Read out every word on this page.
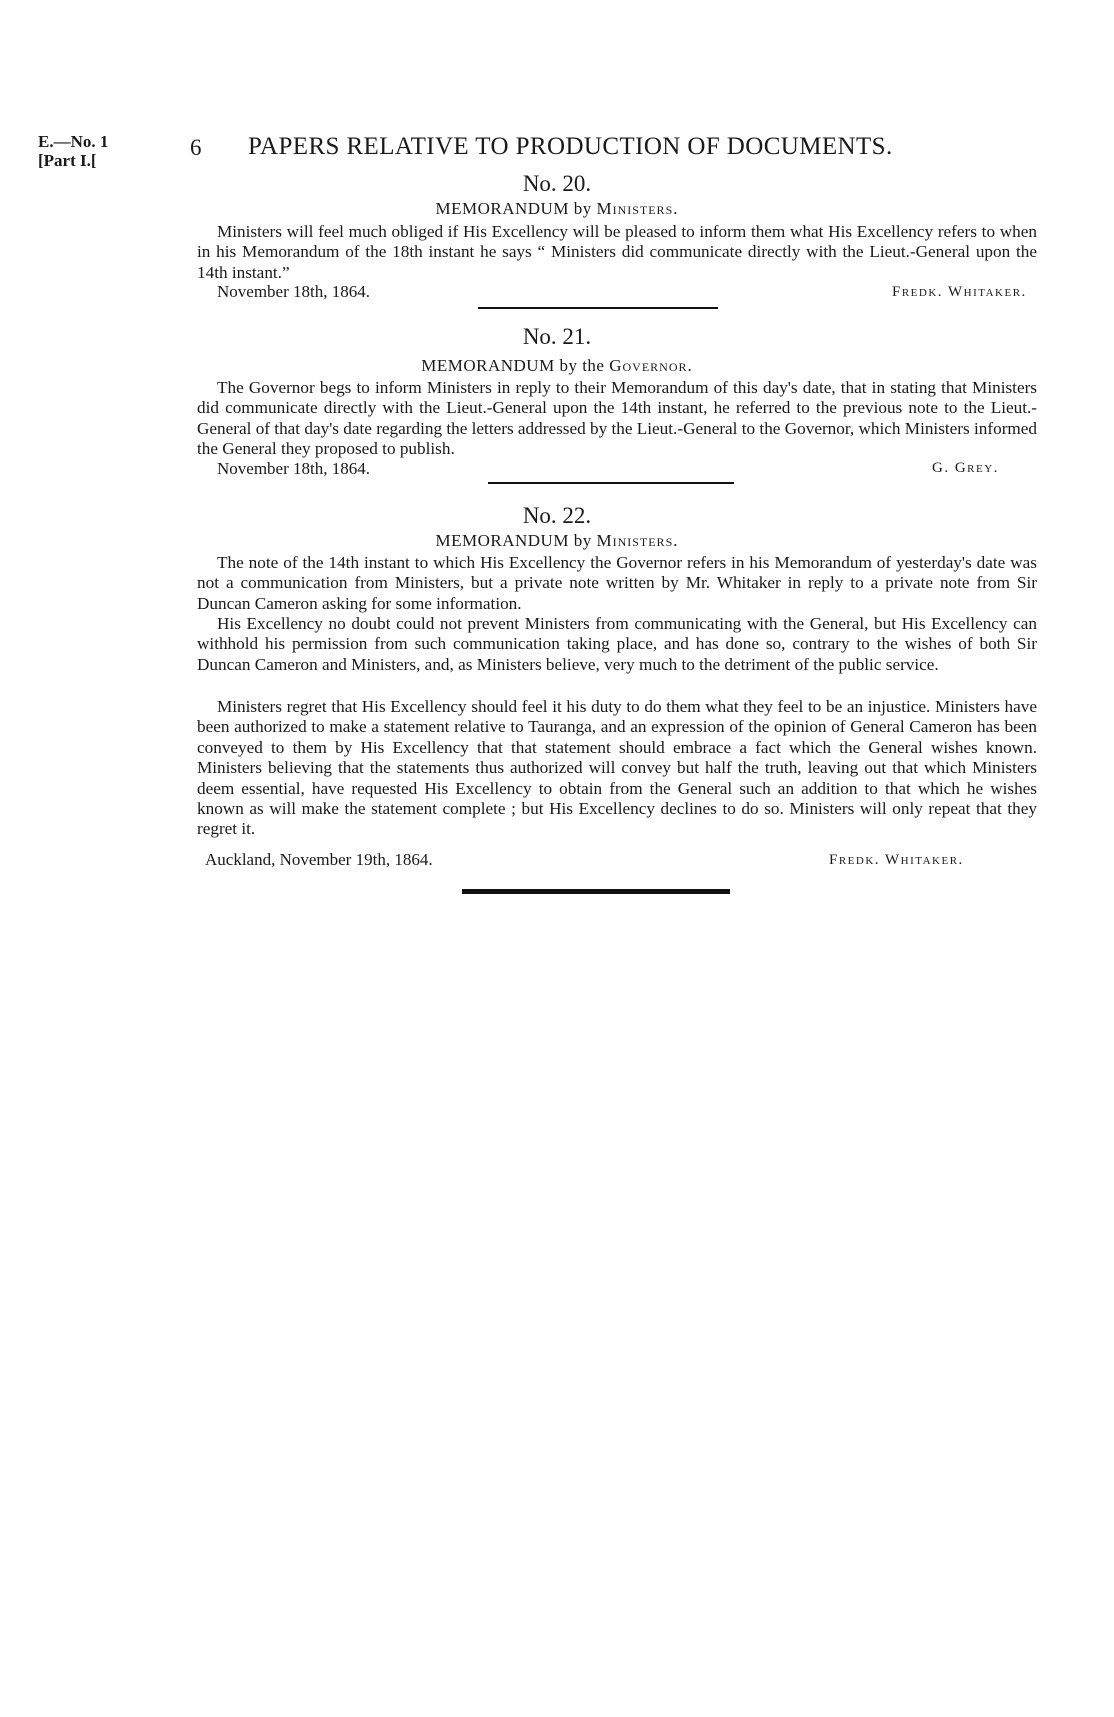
E.—No. 1
[Part I.[
6 PAPERS RELATIVE TO PRODUCTION OF DOCUMENTS.
No. 20.
MEMORANDUM by Ministers.

Ministers will feel much obliged if His Excellency will be pleased to inform them what His Excellency refers to when in his Memorandum of the 18th instant he says “ Ministers did communicate directly with the Lieut.-General upon the 14th instant.”

November 18th, 1864.	Fredk. Whitaker.
No. 21.
MEMORANDUM by the Governor.

The Governor begs to inform Ministers in reply to their Memorandum of this day's date, that in stating that Ministers did communicate directly with the Lieut.-General upon the 14th instant, he referred to the previous note to the Lieut.-General of that day's date regarding the letters addressed by the Lieut.-General to the Governor, which Ministers informed the General they proposed to publish.

November 18th, 1864.	G. Grey.
No. 22.
MEMORANDUM by Ministers.

The note of the 14th instant to which His Excellency the Governor refers in his Memorandum of yesterday's date was not a communication from Ministers, but a private note written by Mr. Whitaker in reply to a private note from Sir Duncan Cameron asking for some information.

His Excellency no doubt could not prevent Ministers from communicating with the General, but His Excellency can withhold his permission from such communication taking place, and has done so, contrary to the wishes of both Sir Duncan Cameron and Ministers, and, as Ministers believe, very much to the detriment of the public service.

Ministers regret that His Excellency should feel it his duty to do them what they feel to be an injustice. Ministers have been authorized to make a statement relative to Tauranga, and an expression of the opinion of General Cameron has been conveyed to them by His Excellency that that statement should embrace a fact which the General wishes known. Ministers believing that the statements thus authorized will convey but half the truth, leaving out that which Ministers deem essential, have requested His Excellency to obtain from the General such an addition to that which he wishes known as will make the statement complete ; but His Excellency declines to do so. Ministers will only repeat that they regret it.

Auckland, November 19th, 1864.	Fredk. Whitaker.
